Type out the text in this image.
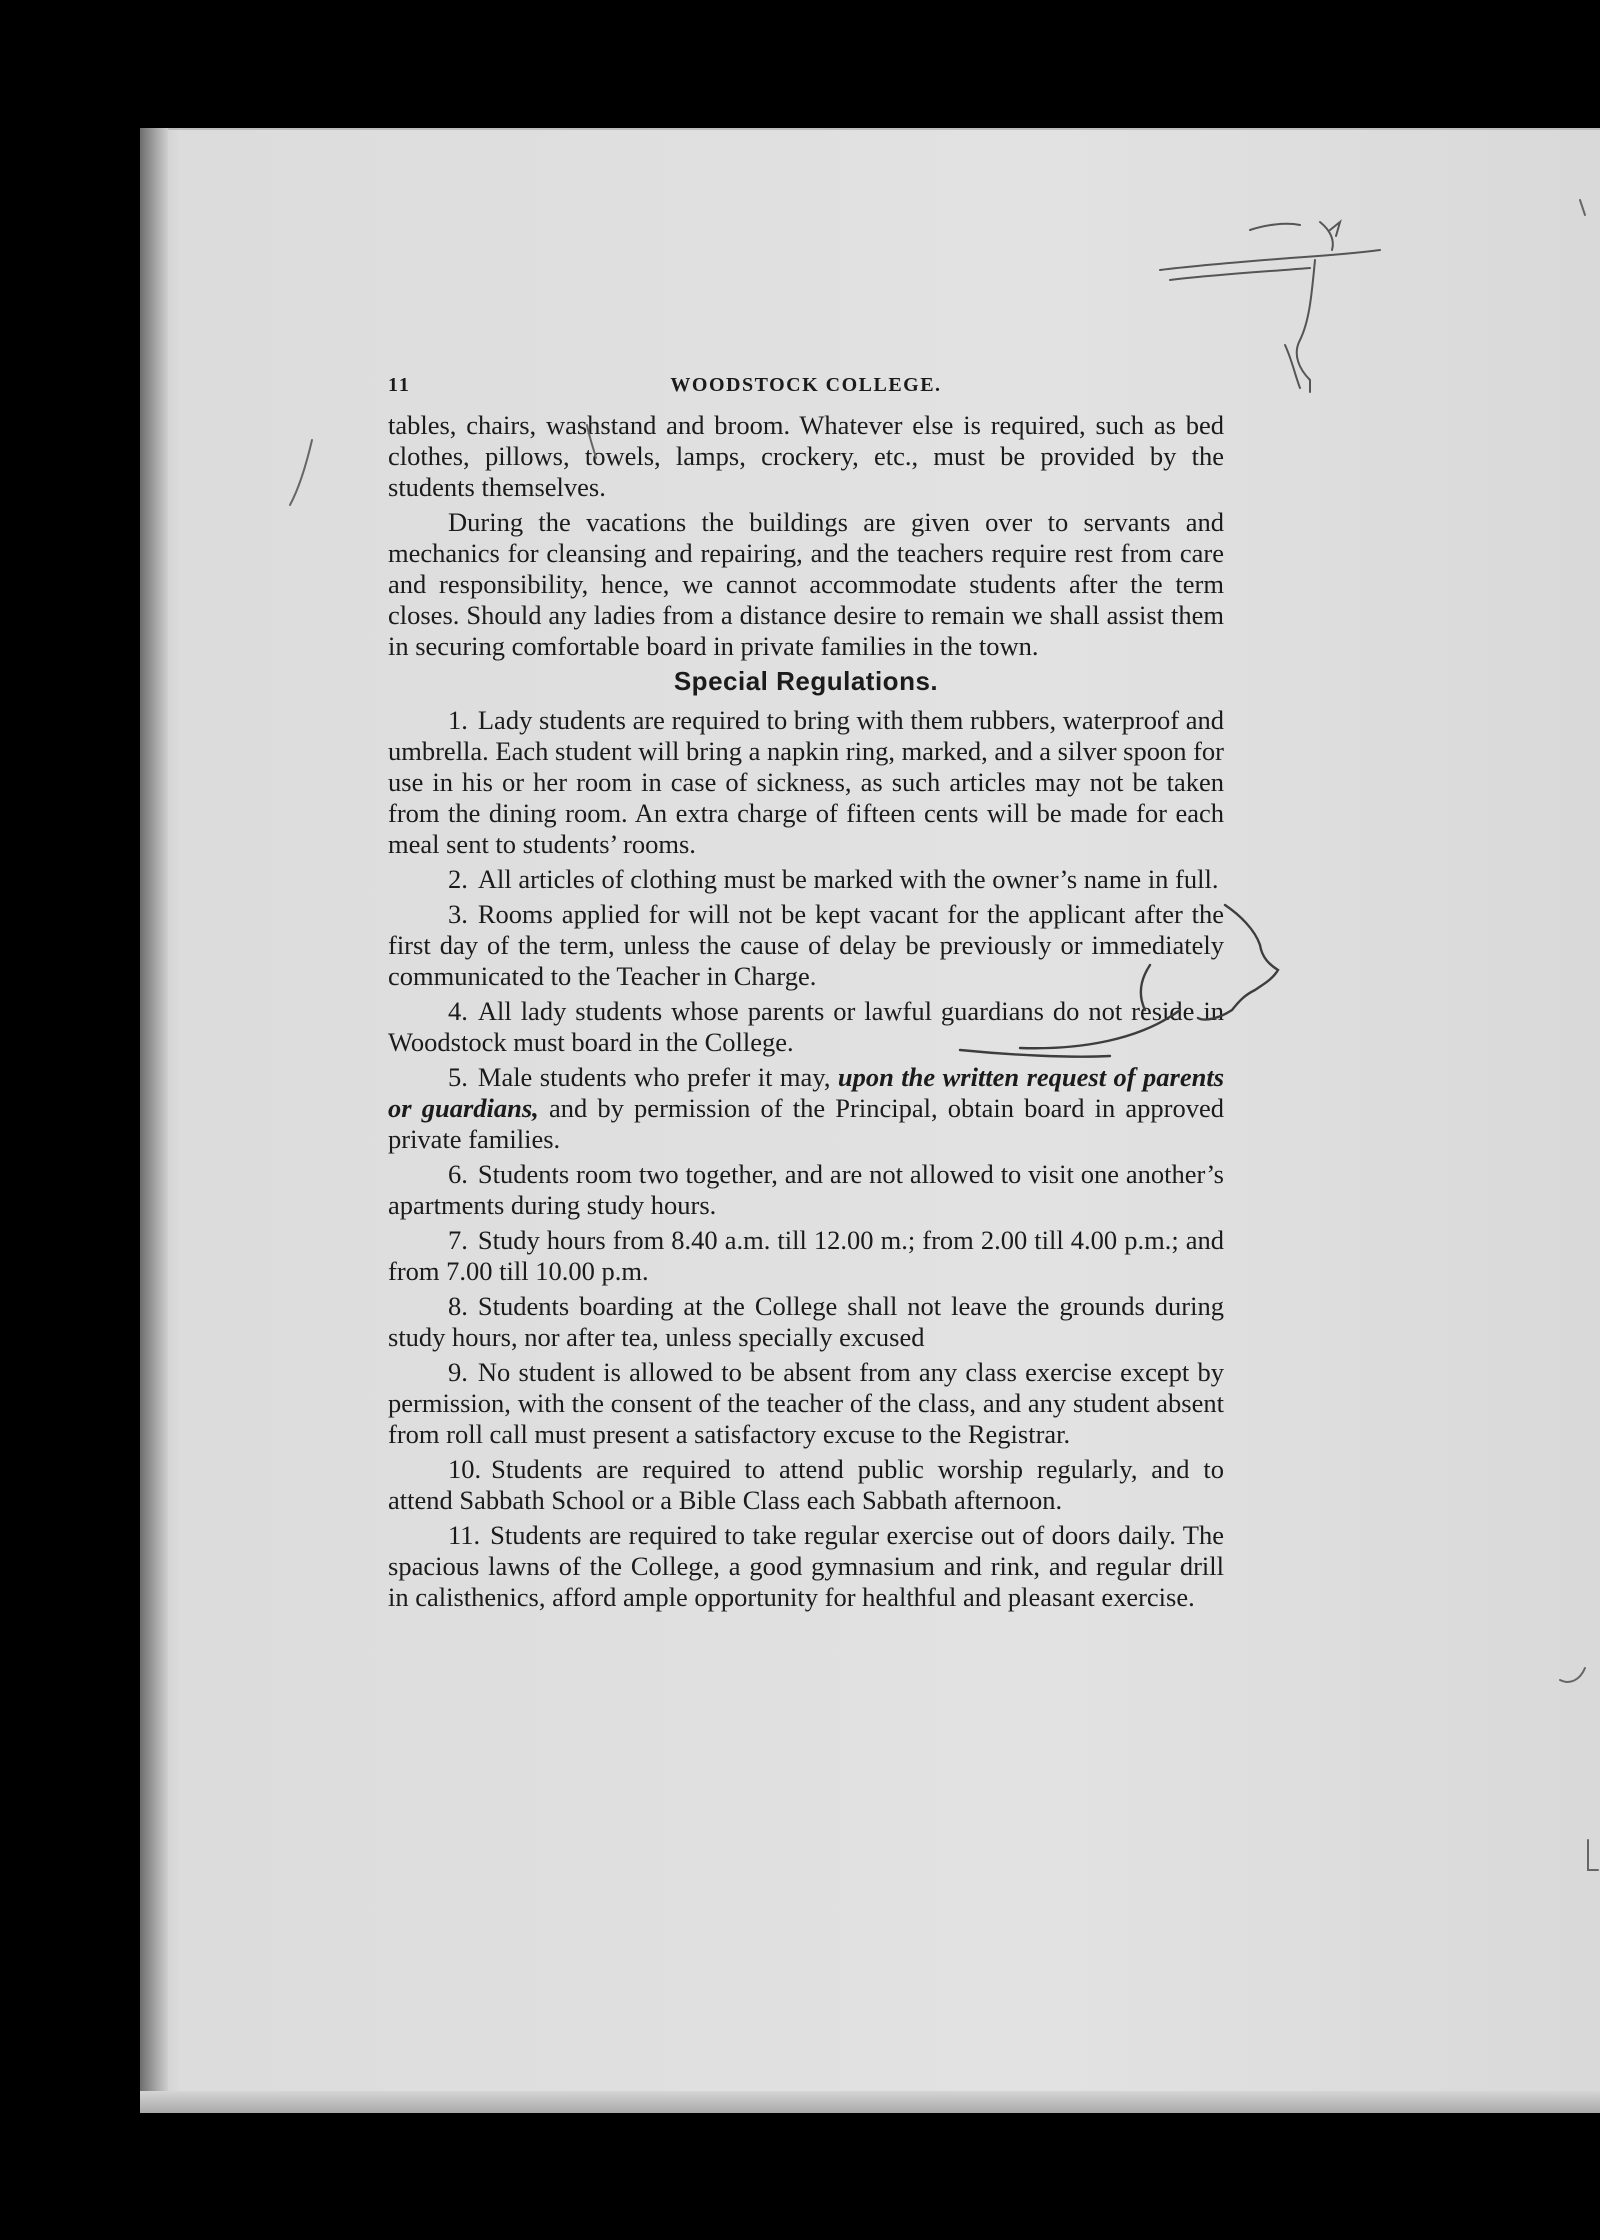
11	WOODSTOCK COLLEGE.

tables, chairs, washstand and broom. Whatever else is required, such as bed clothes, pillows, towels, lamps, crockery, etc., must be provided by the students themselves.

During the vacations the buildings are given over to servants and mechanics for cleansing and repairing, and the teachers require rest from care and responsibility, hence, we cannot accommodate students after the term closes. Should any ladies from a distance desire to remain we shall assist them in securing comfortable board in private families in the town.

Special Regulations.

1. Lady students are required to bring with them rubbers, waterproof and umbrella. Each student will bring a napkin ring, marked, and a silver spoon for use in his or her room in case of sickness, as such articles may not be taken from the dining room. An extra charge of fifteen cents will be made for each meal sent to students’ rooms.

2. All articles of clothing must be marked with the owner’s name in full.

3. Rooms applied for will not be kept vacant for the applicant after the first day of the term, unless the cause of delay be previously or immediately communicated to the Teacher in Charge.

4. All lady students whose parents or lawful guardians do not reside in Woodstock must board in the College.

5. Male students who prefer it may, upon the written request of parents or guardians, and by permission of the Principal, obtain board in approved private families.

6. Students room two together, and are not allowed to visit one another’s apartments during study hours.

7. Study hours from 8.40 a.m. till 12.00 m.; from 2.00 till 4.00 p.m.; and from 7.00 till 10.00 p.m.

8. Students boarding at the College shall not leave the grounds during study hours, nor after tea, unless specially excused

9. No student is allowed to be absent from any class exercise except by permission, with the consent of the teacher of the class, and any student absent from roll call must present a satisfactory excuse to the Registrar.

10. Students are required to attend public worship regularly, and to attend Sabbath School or a Bible Class each Sabbath afternoon.

11. Students are required to take regular exercise out of doors daily. The spacious lawns of the College, a good gymnasium and rink, and regular drill in calisthenics, afford ample opportunity for healthful and pleasant exercise.
